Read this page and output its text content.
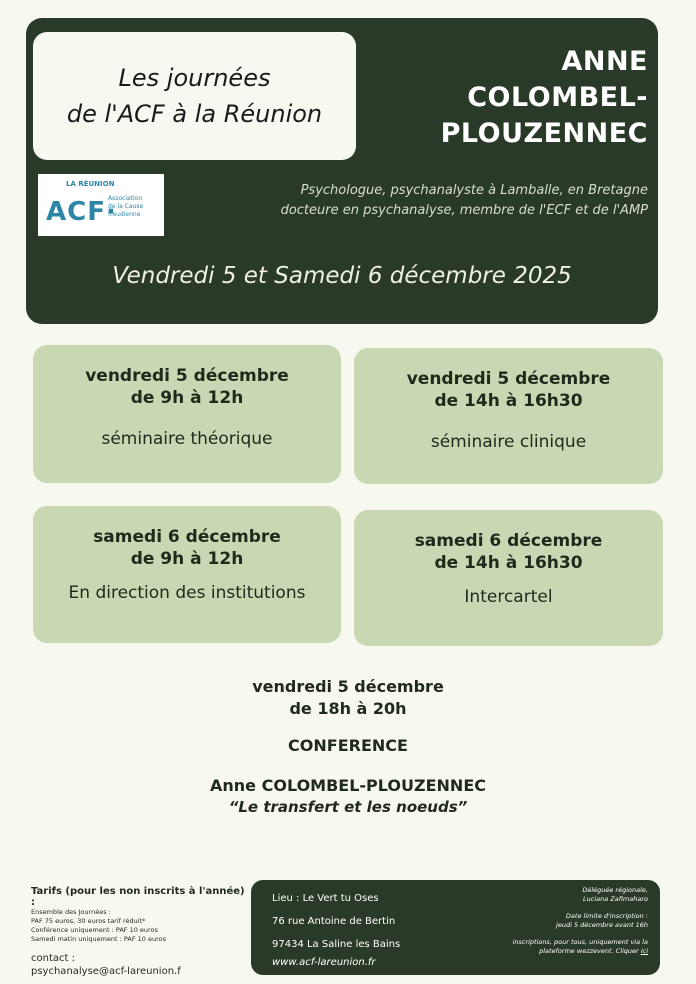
Les journées
de l'ACF à la Réunion
LA RÉUNION
ACF·
Association
de la Cause
freudienne
ANNE
COLOMBEL-
PLOUZENNEC
Psychologue, psychanalyste à Lamballe, en Bretagne
docteure en psychanalyse, membre de l'ECF et de l'AMP
Vendredi 5 et Samedi 6 décembre 2025
vendredi 5 décembre
de 9h à 12h
séminaire théorique
vendredi 5 décembre
de 14h à 16h30
séminaire clinique
samedi 6 décembre
de 9h à 12h
En direction des institutions
samedi 6 décembre
de 14h à 16h30
Intercartel
vendredi 5 décembre
de 18h à 20h
CONFERENCE
Anne COLOMBEL-PLOUZENNEC
“Le transfert et les noeuds”
Tarifs (pour les non inscrits à l'année) :
Ensemble des Journées :
PAF 75 euros, 30 euros tarif réduit*
Conférence uniquement : PAF 10 euros
Samedi matin uniquement : PAF 10 euros
contact :
psychanalyse@acf-lareunion.f
Lieu : Le Vert tu Oses
76 rue Antoine de Bertin
97434 La Saline les Bains
www.acf-lareunion.fr

Déléguée régionale,
Luciana Zafimaharo

Date limite d'inscription :
jeudi 5 décembre avant 16h

inscriptions, pour tous, uniquement via la
plateforme wezzevent. Cliquer ici
